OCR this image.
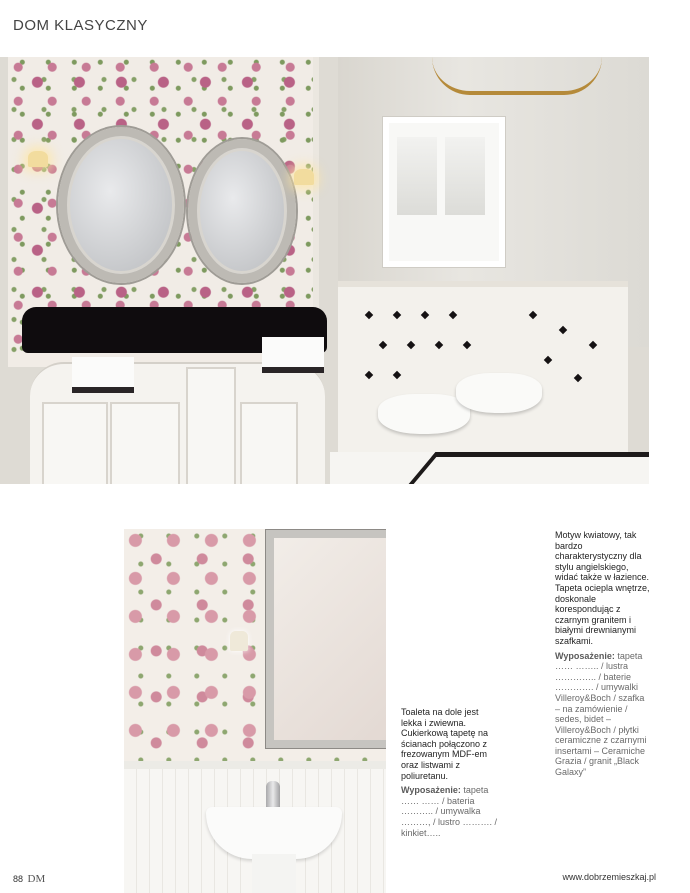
DOM KLASYCZNY
Motyw kwiatowy, tak bardzo charakterystyczny dla stylu angielskiego, widać także w łazience. Tapeta ociepla wnętrze, doskonale korespondując z czarnym granitem i białymi drewnianymi szafkami.
Wyposażenie: tapeta …… …….. / lustra ………….. / baterie …………. / umywalki Villeroy&Boch / szafka – na zamówienie / sedes, bidet – Villeroy&Boch / płytki ceramiczne z czarnymi insertami – Ceramiche Grazia / granit „Black Galaxy”
Toaleta na dole jest lekka i zwiewna. Cukierkową tapetę na ścianach połączono z frezowanym MDF-em oraz listwami z poliuretanu.
Wyposażenie: tapeta …… …… / bateria ……….. / umywalka ………, / lustro ………. / kinkiet…..
88 DM	www.dobrzemieszkaj.pl
